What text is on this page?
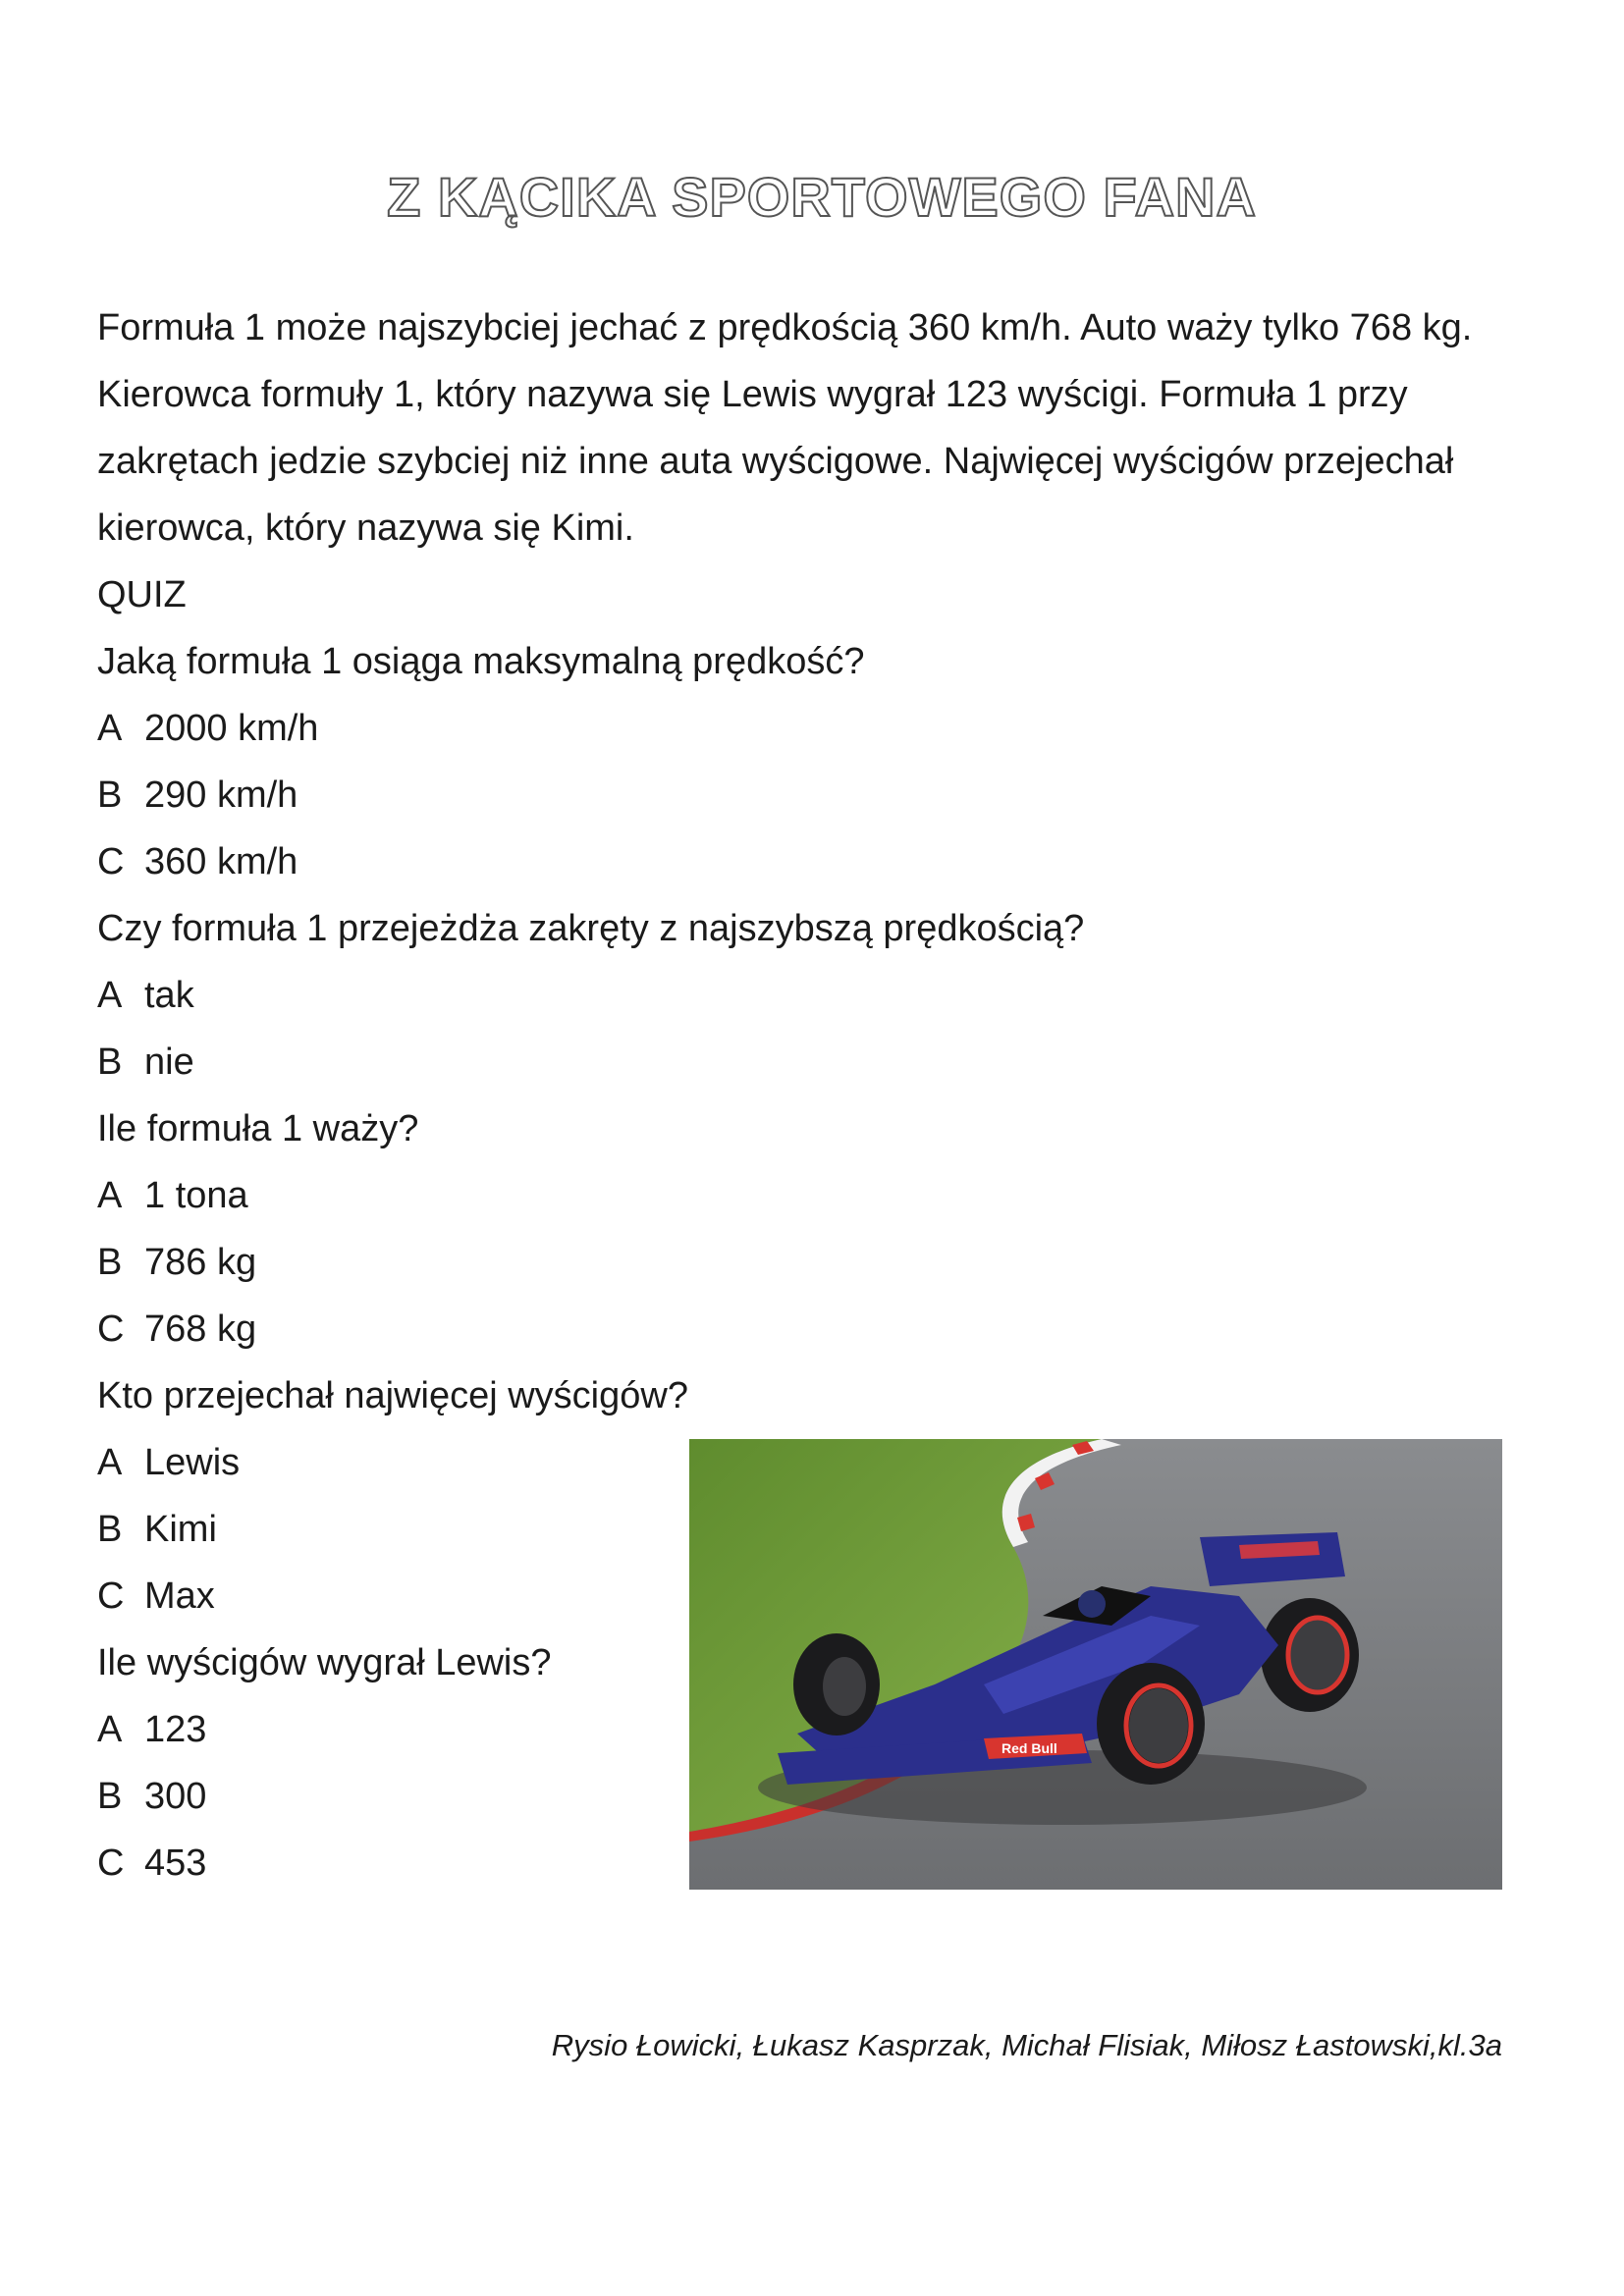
Z KĄCIKA SPORTOWEGO FANA

Formuła 1 może najszybciej jechać z prędkością 360 km/h. Auto waży tylko 768 kg. Kierowca formuły 1, który nazywa się Lewis wygrał 123 wyścigi. Formuła 1 przy zakrętach jedzie szybciej niż inne auta wyścigowe. Najwięcej wyścigów przejechał kierowca, który nazywa się Kimi.

QUIZ
Jaką formuła 1 osiąga maksymalną prędkość?
A 2000 km/h
B 290 km/h
C 360 km/h
Czy formuła 1 przejeżdża zakręty z najszybszą prędkością?
A tak
B nie
Ile formuła 1 waży?
A 1 tona
B 786 kg
C 768 kg
Kto przejechał najwięcej wyścigów?
A Lewis
B Kimi
C Max
Ile wyścigów wygrał Lewis?
A 123
B 300
C 453
Red Bull
Rysio Łowicki, Łukasz Kasprzak, Michał Flisiak, Miłosz Łastowski,kl.3a
